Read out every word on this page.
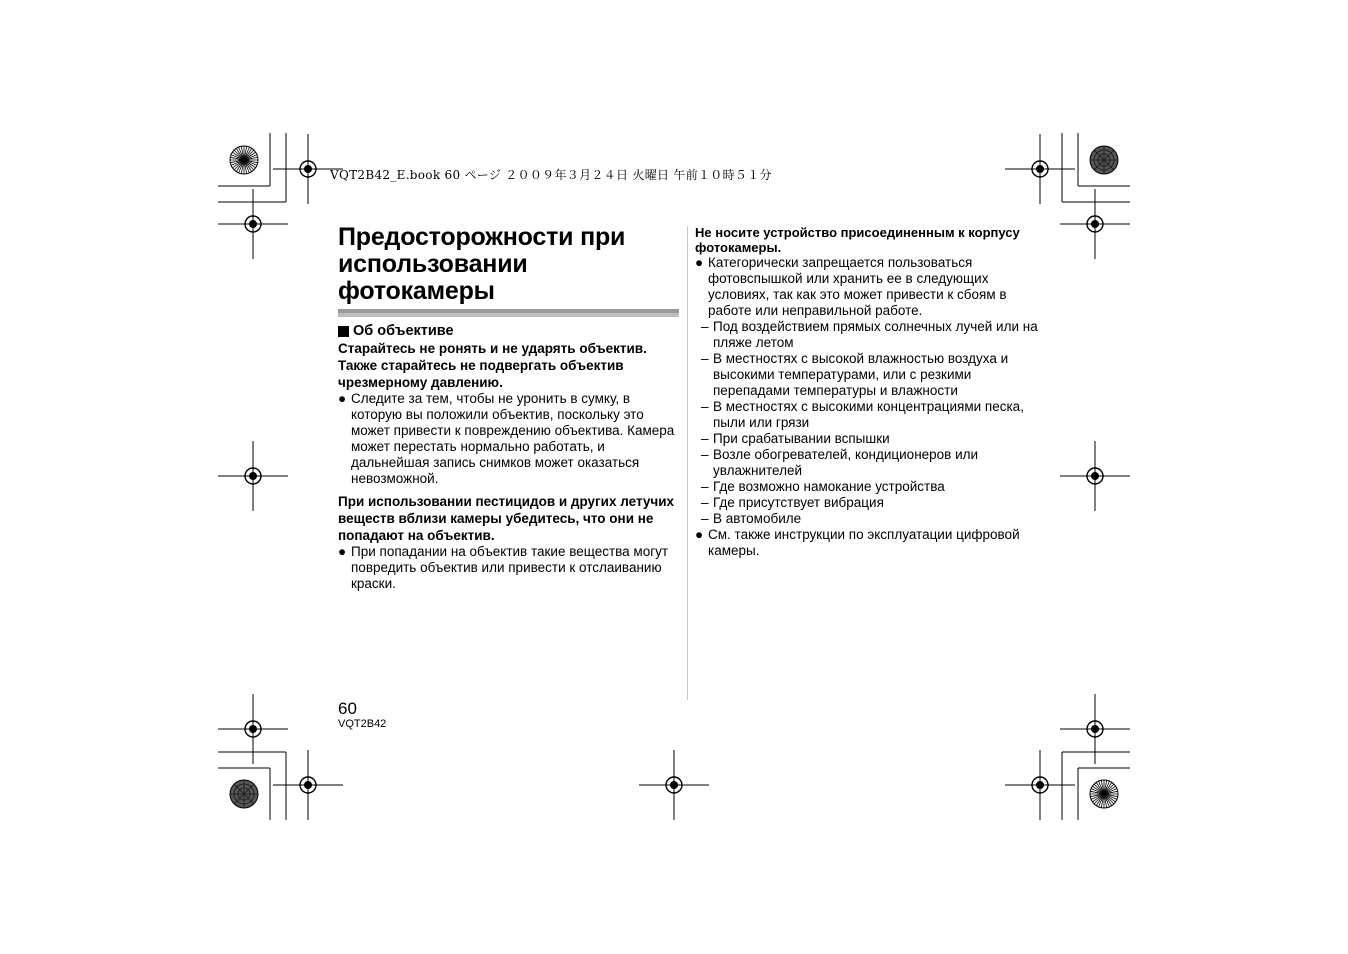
VQT2B42_E.book 60 ページ ２００９年３月２４日 火曜日 午前１０時５１分
Предосторожности при
использовании
фотокамеры
Об объективе

Старайтесь не ронять и не ударять объектив. Также старайтесь не подвергать объектив чрезмерному давлению.

● Следите за тем, чтобы не уронить в сумку, в которую вы положили объектив, поскольку это может привести к повреждению объектива. Камера может перестать нормально работать, и дальнейшая запись снимков может оказаться невозможной.

При использовании пестицидов и других летучих веществ вблизи камеры убедитесь, что они не попадают на объектив.

● При попадании на объектив такие вещества могут повредить объектив или привести к отслаиванию краски.

Не носите устройство присоединенным к корпусу фотокамеры.

● Категорически запрещается пользоваться фотовспышкой или хранить ее в следующих условиях, так как это может привести к сбоям в работе или неправильной работе.
– Под воздействием прямых солнечных лучей или на пляже летом
– В местностях с высокой влажностью воздуха и высокими температурами, или с резкими перепадами температуры и влажности
– В местностях с высокими концентрациями песка, пыли или грязи
– При срабатывании вспышки
– Возле обогревателей, кондиционеров или увлажнителей
– Где возможно намокание устройства
– Где присутствует вибрация
– В автомобиле
● См. также инструкции по эксплуатации цифровой камеры.
60
VQT2B42
